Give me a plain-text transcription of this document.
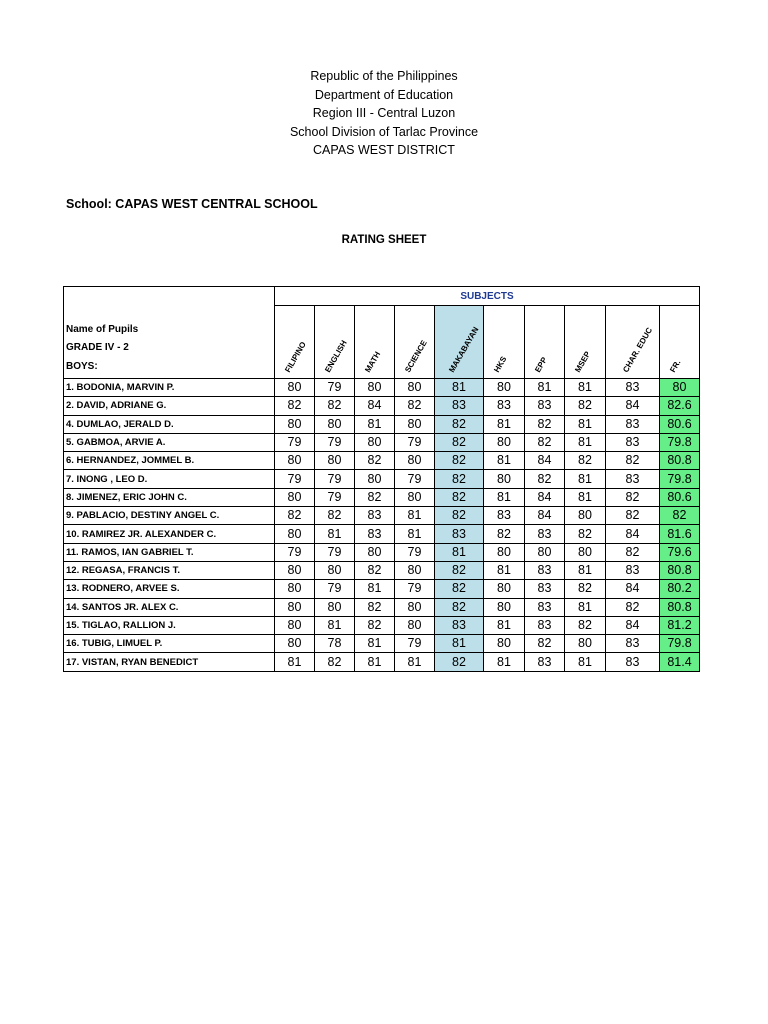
Republic of the Philippines
Department of Education
Region III - Central Luzon
School Division of Tarlac Province
CAPAS WEST DISTRICT
School: CAPAS WEST CENTRAL SCHOOL
RATING SHEET
Name of Pupils
GRADE IV - 2
BOYS:	SUBJECTS									

	FILIPINO	ENGLISH	MATH	SCIENCE	MAKABAYAN	HKS	EPP	MSEP	CHAR. EDUC	FR.

1. BODONIA, MARVIN P.	80	79	80	80	81	80	81	81	83	80
2. DAVID, ADRIANE G.	82	82	84	82	83	83	83	82	84	82.6
4. DUMLAO, JERALD D.	80	80	81	80	82	81	82	81	83	80.6
5. GABMOA, ARVIE A.	79	79	80	79	82	80	82	81	83	79.8
6. HERNANDEZ, JOMMEL B.	80	80	82	80	82	81	84	82	82	80.8
7. INONG , LEO D.	79	79	80	79	82	80	82	81	83	79.8
8. JIMENEZ, ERIC JOHN C.	80	79	82	80	82	81	84	81	82	80.6
9. PABLACIO, DESTINY ANGEL C.	82	82	83	81	82	83	84	80	82	82
10. RAMIREZ JR. ALEXANDER C.	80	81	83	81	83	82	83	82	84	81.6
11. RAMOS, IAN GABRIEL T.	79	79	80	79	81	80	80	80	82	79.6
12. REGASA, FRANCIS T.	80	80	82	80	82	81	83	81	83	80.8
13. RODNERO, ARVEE S.	80	79	81	79	82	80	83	82	84	80.2
14. SANTOS JR. ALEX C.	80	80	82	80	82	80	83	81	82	80.8
15. TIGLAO, RALLION J.	80	81	82	80	83	81	83	82	84	81.2
16. TUBIG, LIMUEL P.	80	78	81	79	81	80	82	80	83	79.8
17. VISTAN, RYAN BENEDICT	81	82	81	81	82	81	83	81	83	81.4
